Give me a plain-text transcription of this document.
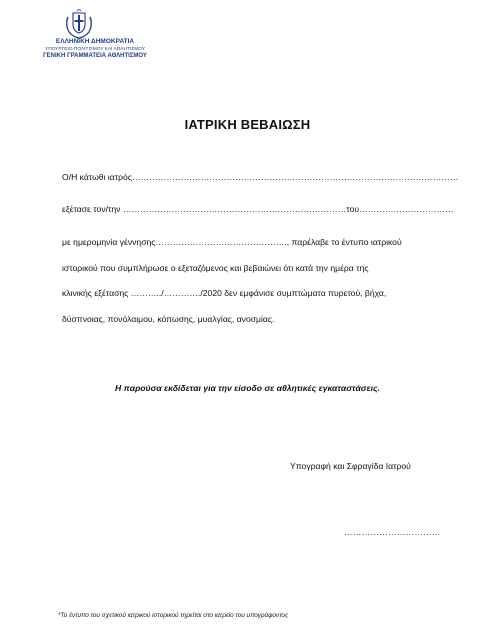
ΕΛΛΗΝΙΚΗ ΔΗΜΟΚΡΑΤΙΑ
ΥΠΟΥΡΓΕΙΟ ΠΟΛΙΤΙΣΜΟΥ ΚΑΙ ΑΘΛΗΤΙΣΜΟΥ
ΓΕΝΙΚΗ ΓΡΑΜΜΑΤΕΙΑ ΑΘΛΗΤΙΣΜΟΥ
ΙΑΤΡΙΚΗ ΒΕΒΑΙΩΣΗ
Ο/Η κάτωθι ιατρός……………………………………………………………………………………………………
εξέτασε τον/την ……………………………………………………………………του……………………………
με ημερομηνία γέννησης………………………………………., παρέλαβε το έντυπο ιατρικού
ιστορικού που συμπλήρωσε ο εξεταζόμενος και βεβαιώνει ότι κατά την ημέρα της
κλινικής εξέτασης ………../…………./2020 δεν εμφάνισε συμπτώματα πυρετού, βήχα,
δύσπνοιας, πονόλαιμου, κόπωσης, μυαλγίας, ανοσμίας.
Η παρούσα εκδίδεται για την είσοδο σε αθλητικές εγκαταστάσεις.
Υπογραφή και Σφραγίδα Ιατρού
……………………………
*Το έντυπο του σχετικού ιατρικού ιστορικού τηρείται στο ιατρείο του υπογράφοντος
